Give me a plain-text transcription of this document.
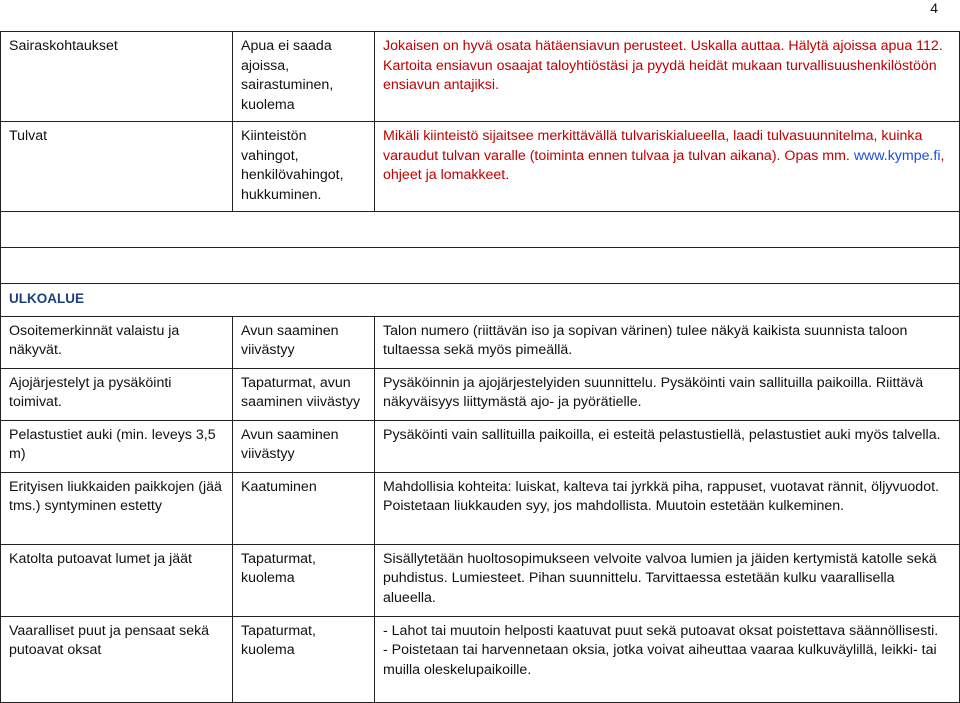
4
Sairaskohtaukset	Apua ei saada ajoissa, sairastuminen, kuolema	Jokaisen on hyvä osata hätäensiavun perusteet. Uskalla auttaa. Hälytä ajoissa apua 112. Kartoita ensiavun osaajat taloyhtiöstäsi ja pyydä heidät mukaan turvallisuushenkilöstöön ensiavun antajiksi.
Tulvat	Kiinteistön vahingot, henkilövahingot, hukkuminen.	Mikäli kiinteistö sijaitsee merkittävällä tulvariskialueella, laadi tulvasuunnitelma, kuinka varaudut tulvan varalle (toiminta ennen tulvaa ja tulvan aikana). Opas mm. www.kympe.fi, ohjeet ja lomakkeet.

ULKOALUE		
Osoitemerkinnät valaistu ja näkyvät.	Avun saaminen viivästyy	Talon numero (riittävän iso ja sopivan värinen) tulee näkyä kaikista suunnista taloon tultaessa sekä myös pimeällä.
Ajojärjestelyt ja pysäköinti toimivat.	Tapaturmat, avun saaminen viivästyy	Pysäköinnin ja ajojärjestelyiden suunnittelu. Pysäköinti vain sallituilla paikoilla. Riittävä näkyväisyys liittymästä ajo- ja pyörätielle.
Pelastustiet auki (min. leveys 3,5 m)	Avun saaminen viivästyy	Pysäköinti vain sallituilla paikoilla, ei esteitä pelastustiellä, pelastustiet auki myös talvella.
Erityisen liukkaiden paikkojen (jää tms.) syntyminen estetty	Kaatuminen	Mahdollisia kohteita: luiskat, kalteva tai jyrkkä piha, rappuset, vuotavat rännit, öljyvuodot. Poistetaan liukkauden syy, jos mahdollista. Muutoin estetään kulkeminen.
Katolta putoavat lumet ja jäät	Tapaturmat, kuolema	Sisällytetään huoltosopimukseen velvoite valvoa lumien ja jäiden kertymistä katolle sekä puhdistus. Lumiesteet. Pihan suunnittelu. Tarvittaessa estetään kulku vaarallisella alueella.
Vaaralliset puut ja pensaat sekä putoavat oksat	Tapaturmat, kuolema	- Lahot tai muutoin helposti kaatuvat puut sekä putoavat oksat poistettava säännöllisesti.
- Poistetaan tai harvennetaan oksia, jotka voivat aiheuttaa vaaraa kulkuväylillä, leikki- tai muilla oleskelupaikoille.
